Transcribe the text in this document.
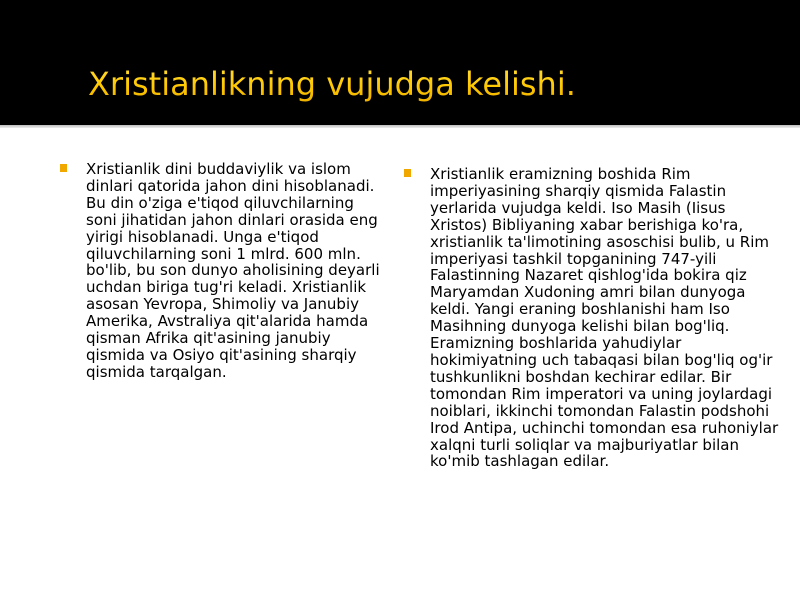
Xristianlikning vujudga kelishi.
Xristianlik dini buddaviylik va islom dinlari qatorida jahon dini hisoblanadi. Bu din o'ziga e'tiqod qiluvchilarning soni jihatidan jahon dinlari orasida eng yirigi hisoblanadi. Unga e'tiqod qiluvchilarning soni 1 mlrd. 600 mln. bo'lib, bu son dunyo aholisining deyarli uchdan biriga tug'ri keladi. Xristianlik asosan Yevropa, Shimoliy va Janubiy Amerika, Avstraliya qit'alarida hamda qisman Afrika qit'asining janubiy qismida va Osiyo qit'asining sharqiy qismida tarqalgan.
Xristianlik eramizning boshida Rim imperiyasining sharqiy qismida Falastin yerlarida vujudga keldi. Iso Masih (Iisus Xristos) Bibliyaning xabar berishiga ko'ra, xristianlik ta'limotining asoschisi bulib, u Rim imperiyasi tashkil topganining 747-yili Falastinning Nazaret qishlog'ida bokira qiz Maryamdan Xudoning amri bilan dunyoga keldi. Yangi eraning boshlanishi ham Iso Masihning dunyoga kelishi bilan bog'liq. Eramizning boshlarida yahudiylar hokimiyatning uch tabaqasi bilan bog'liq og'ir tushkunlikni boshdan kechirar edilar. Bir tomondan Rim imperatori va uning joylardagi noiblari, ikkinchi tomondan Falastin podshohi Irod Antipa, uchinchi tomondan esa ruhoniylar xalqni turli soliqlar va majburiyatlar bilan ko'mib tashlagan edilar.
